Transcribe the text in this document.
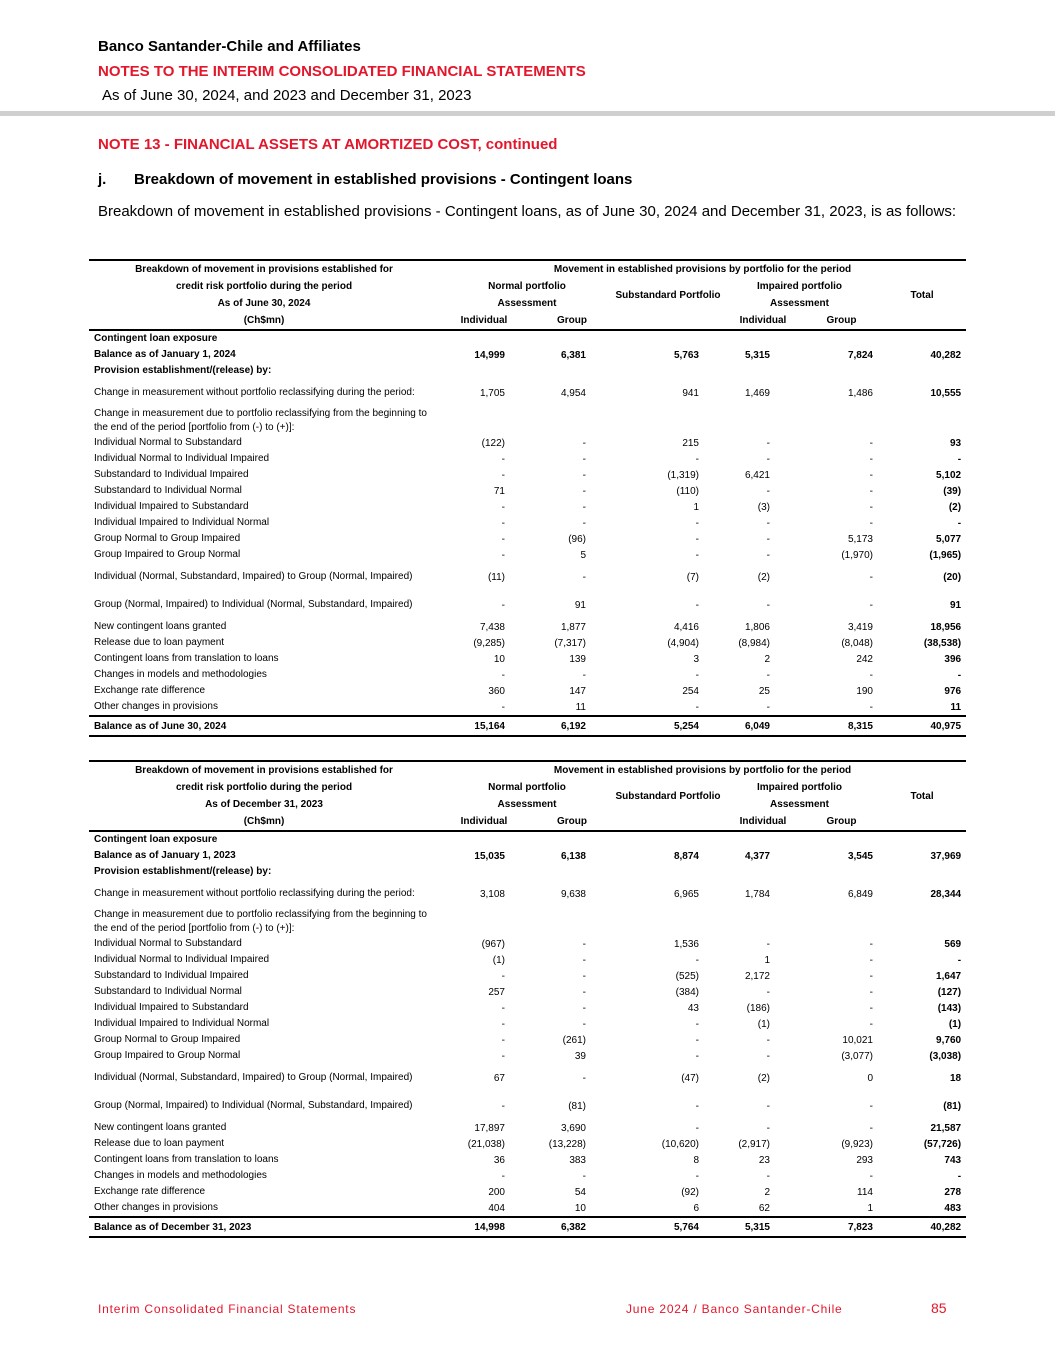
Banco Santander-Chile and Affiliates
NOTES TO THE INTERIM CONSOLIDATED FINANCIAL STATEMENTS
As of June 30, 2024, and 2023 and December 31, 2023
NOTE 13 - FINANCIAL ASSETS AT AMORTIZED COST, continued
j. Breakdown of movement in established provisions - Contingent loans
Breakdown of movement in established provisions - Contingent loans, as of June 30, 2024 and December 31, 2023, is as follows:
Breakdown of movement in provisions established for	Movement in established provisions by portfolio for the period					
credit risk portfolio during the period	Normal portfolio		Substandard Portfolio	Impaired portfolio		Total
As of June 30, 2024	Assessment			Assessment		
(Ch$mn)	Individual	Group		Individual	Group	
Contingent loan exposure						
Balance as of January 1, 2024	14,999	6,381	5,763	5,315	7,824	40,282
Provision establishment/(release) by:						
Change in measurement without portfolio reclassifying during the period:	1,705	4,954	941	1,469	1,486	10,555
Change in measurement due to portfolio reclassifying from the beginning to the end of the period [portfolio from (-) to (+)]:						
Individual Normal to Substandard	(122)	-	215	-	-	93
Individual Normal to Individual Impaired	-	-	-	-	-	-
Substandard to Individual Impaired	-	-	(1,319)	6,421	-	5,102
Substandard to Individual Normal	71	-	(110)	-	-	(39)
Individual Impaired to Substandard	-	-	1	(3)	-	(2)
Individual Impaired to Individual Normal	-	-	-	-	-	-
Group Normal to Group Impaired	-	(96)	-	-	5,173	5,077
Group Impaired to Group Normal	-	5	-	-	(1,970)	(1,965)
Individual (Normal, Substandard, Impaired) to Group (Normal, Impaired)	(11)	-	(7)	(2)	-	(20)
Group (Normal, Impaired) to Individual (Normal, Substandard, Impaired)	-	91	-	-	-	91
New contingent loans granted	7,438	1,877	4,416	1,806	3,419	18,956
Release due to loan payment	(9,285)	(7,317)	(4,904)	(8,984)	(8,048)	(38,538)
Contingent loans from translation to loans	10	139	3	2	242	396
Changes in models and methodologies	-	-	-	-	-	-
Exchange rate difference	360	147	254	25	190	976
Other changes in provisions	-	11	-	-	-	11
Balance as of June 30, 2024	15,164	6,192	5,254	6,049	8,315	40,975
Breakdown of movement in provisions established for	Movement in established provisions by portfolio for the period					
credit risk portfolio during the period	Normal portfolio		Substandard Portfolio	Impaired portfolio		Total
As of December 31, 2023	Assessment			Assessment		
(Ch$mn)	Individual	Group		Individual	Group	
Contingent loan exposure						
Balance as of January 1, 2023	15,035	6,138	8,874	4,377	3,545	37,969
Provision establishment/(release) by:						
Change in measurement without portfolio reclassifying during the period:	3,108	9,638	6,965	1,784	6,849	28,344
Change in measurement due to portfolio reclassifying from the beginning to the end of the period [portfolio from (-) to (+)]:						
Individual Normal to Substandard	(967)	-	1,536	-	-	569
Individual Normal to Individual Impaired	(1)	-	-	1	-	-
Substandard to Individual Impaired	-	-	(525)	2,172	-	1,647
Substandard to Individual Normal	257	-	(384)	-	-	(127)
Individual Impaired to Substandard	-	-	43	(186)	-	(143)
Individual Impaired to Individual Normal	-	-	-	(1)	-	(1)
Group Normal to Group Impaired	-	(261)	-	-	10,021	9,760
Group Impaired to Group Normal	-	39	-	-	(3,077)	(3,038)
Individual (Normal, Substandard, Impaired) to Group (Normal, Impaired)	67	-	(47)	(2)	0	18
Group (Normal, Impaired) to Individual (Normal, Substandard, Impaired)	-	(81)	-	-	-	(81)
New contingent loans granted	17,897	3,690	-	-	-	21,587
Release due to loan payment	(21,038)	(13,228)	(10,620)	(2,917)	(9,923)	(57,726)
Contingent loans from translation to loans	36	383	8	23	293	743
Changes in models and methodologies	-	-	-	-	-	-
Exchange rate difference	200	54	(92)	2	114	278
Other changes in provisions	404	10	6	62	1	483
Balance as of December 31, 2023	14,998	6,382	5,764	5,315	7,823	40,282
Interim Consolidated Financial Statements	June 2024 / Banco Santander-Chile	85
